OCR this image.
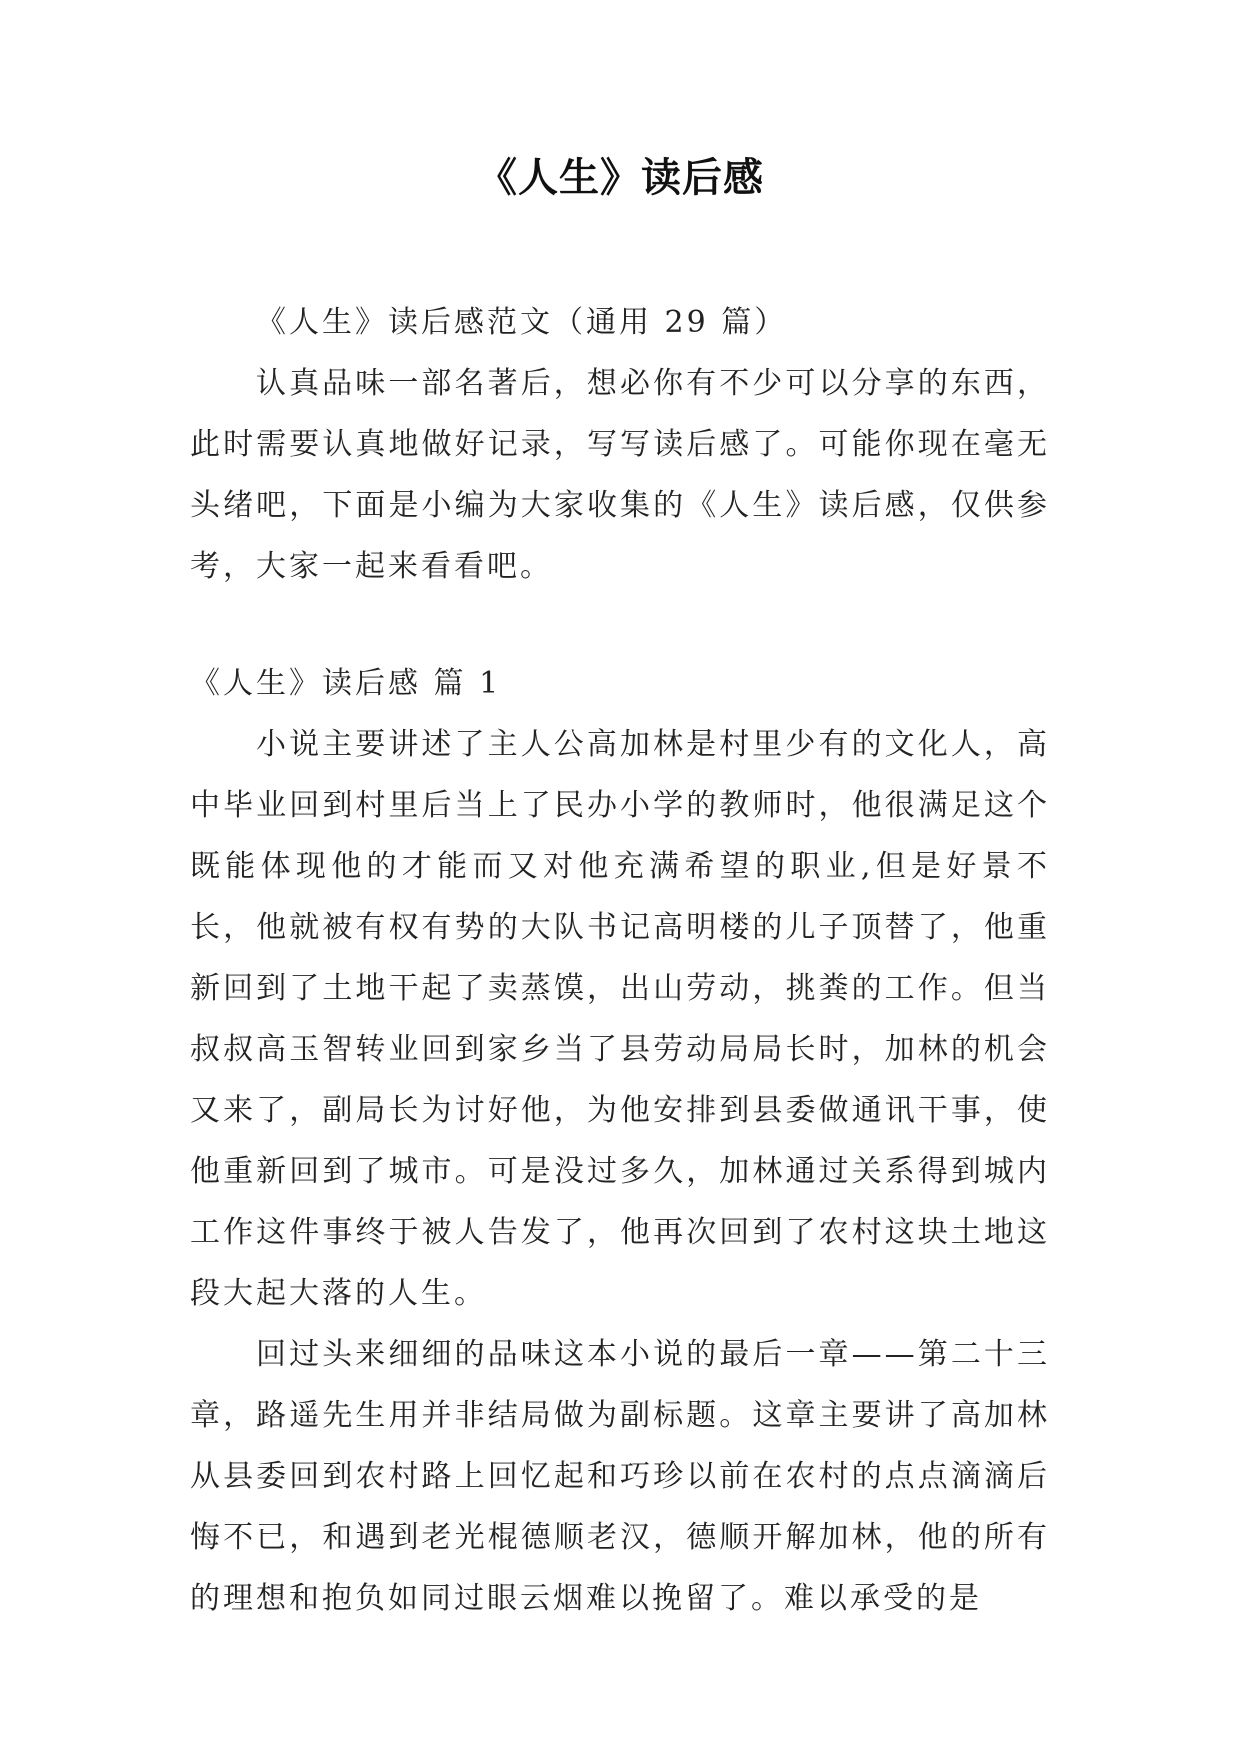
《人生》读后感

《人生》读后感范文（通用 29 篇）

认真品味一部名著后，想必你有不少可以分享的东西，此时需要认真地做好记录，写写读后感了。可能你现在毫无头绪吧，下面是小编为大家收集的《人生》读后感，仅供参考，大家一起来看看吧。

《人生》读后感 篇 1

小说主要讲述了主人公高加林是村里少有的文化人，高中毕业回到村里后当上了民办小学的教师时，他很满足这个既能体现他的才能而又对他充满希望的职业,但是好景不长，他就被有权有势的大队书记高明楼的儿子顶替了，他重新回到了土地干起了卖蒸馍，出山劳动，挑粪的工作。但当叔叔高玉智转业回到家乡当了县劳动局局长时，加林的机会又来了，副局长为讨好他，为他安排到县委做通讯干事，使他重新回到了城市。可是没过多久，加林通过关系得到城内工作这件事终于被人告发了，他再次回到了农村这块土地这段大起大落的人生。

回过头来细细的品味这本小说的最后一章——第二十三章，路遥先生用并非结局做为副标题。这章主要讲了高加林从县委回到农村路上回忆起和巧珍以前在农村的点点滴滴后悔不已，和遇到老光棍德顺老汉，德顺开解加林，他的所有的理想和抱负如同过眼云烟难以挽留了。难以承受的是
